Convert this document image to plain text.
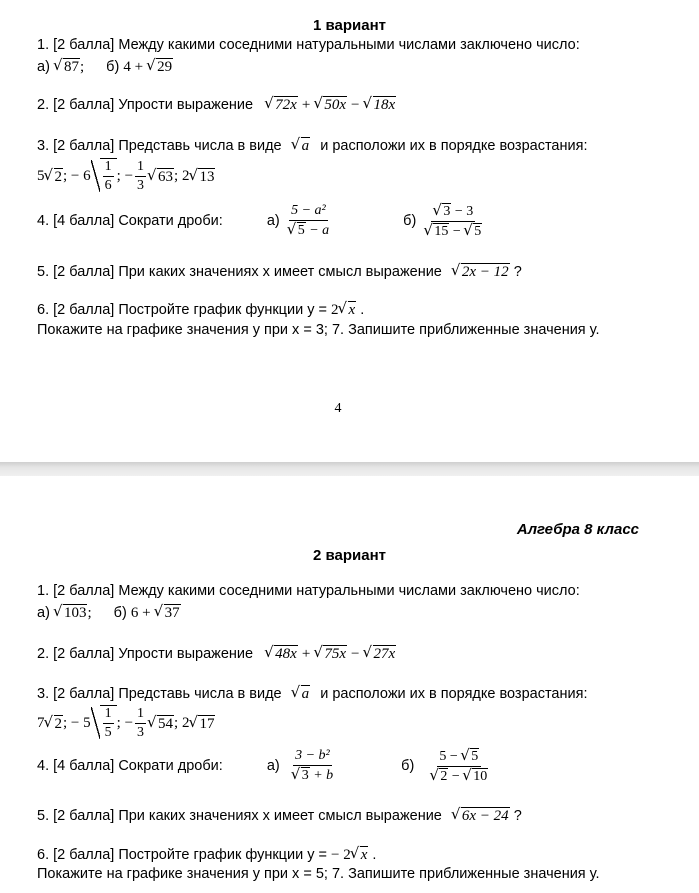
1 вариант
1. [2 балла] Между какими соседними натуральными числами заключено число:
а) √ 87; б) 4 + √ 29
2. [2 балла] Упрости выражение √ 72x + √ 50x − √ 18x
3. [2 балла] Представь числа в виде √ a и расположи их в порядке возрастания:
5 √ 2 ; − $6 \frac{1}{6}$ ; − $\frac{1}{3}$ √ 63 ; 2 √ 13
4. [4 балла] Сократи дроби:	а) 5 − a²
√ 5 − a	б) √ 3 − 3
√ 15 − √ 5
5. [2 балла] При каких значениях х имеет смысл выражение √ 2x − 12 ?
6. [2 балла] Постройте график функции y = 2 √ x .
Покажите на графике значения у при х = 3; 7. Запишите приближенные значения у.
4
Алгебра 8 класс
2 вариант
1. [2 балла] Между какими соседними натуральными числами заключено число:
а) √ 103; б) 6 + √ 37
2. [2 балла] Упрости выражение √ 48x + √ 75x − √ 27x
3. [2 балла] Представь числа в виде √ a и расположи их в порядке возрастания:
7 √ 2 ; − $5 \frac{1}{5}$ ; − $\frac{1}{3}$ √ 54 ; 2 √ 17
4. [4 балла] Сократи дроби:	а) 3 − b²
√ 3 + b	б) 5 − √ 5
√ 2 − √ 10
5. [2 балла] При каких значениях х имеет смысл выражение √ 6x − 24 ?
6. [2 балла] Постройте график функции y = − 2 √ x .
Покажите на графике значения у при х = 5; 7. Запишите приближенные значения у.
